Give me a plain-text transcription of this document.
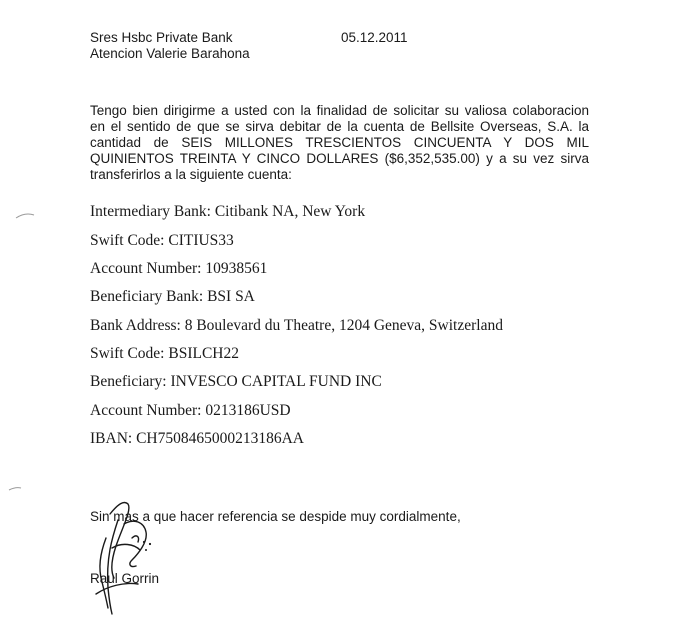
Sres Hsbc Private Bank
Atencion Valerie Barahona
05.12.2011
Tengo bien dirigirme a usted con la finalidad de solicitar su valiosa colaboracion
en el sentido de que se sirva debitar de la cuenta de Bellsite Overseas, S.A. la
cantidad de SEIS MILLONES TRESCIENTOS CINCUENTA Y DOS MIL
QUINIENTOS TREINTA Y CINCO DOLLARES ($6,352,535.00) y a su vez sirva
transferirlos a la siguiente cuenta:
Intermediary Bank: Citibank NA, New York
Swift Code: CITIUS33
Account Number: 10938561
Beneficiary Bank: BSI SA
Bank Address: 8 Boulevard du Theatre, 1204 Geneva, Switzerland
Swift Code: BSILCH22
Beneficiary: INVESCO CAPITAL FUND INC
Account Number: 0213186USD
IBAN: CH7508465000213186AA
Sin mas a que hacer referencia se despide muy cordialmente,
Raul Gorrin
